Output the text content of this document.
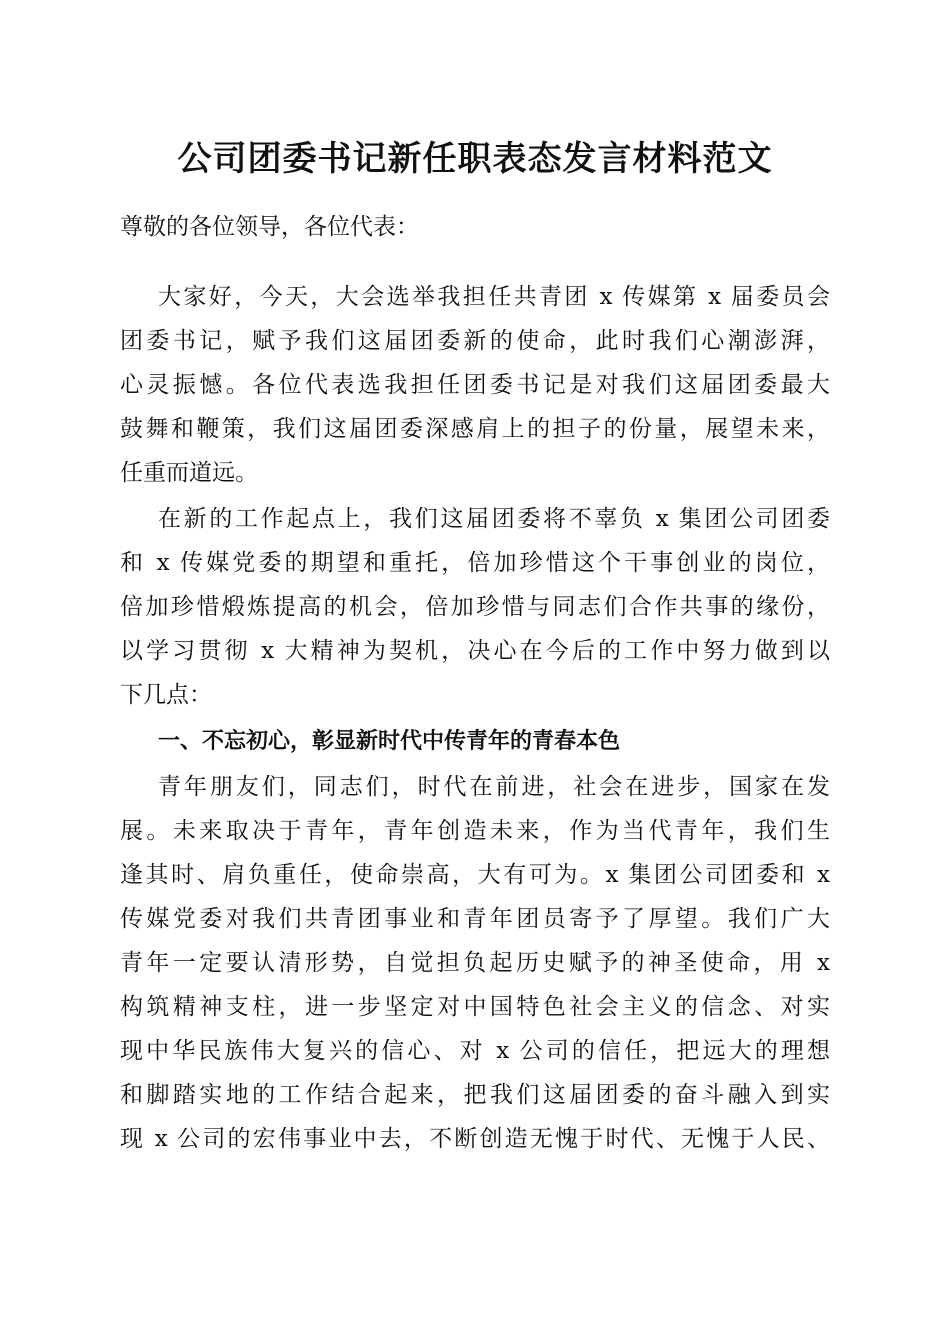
公司团委书记新任职表态发言材料范文

尊敬的各位领导，各位代表：

大家好，今天，大会选举我担任共青团 x 传媒第 x 届委员会

团委书记，赋予我们这届团委新的使命，此时我们心潮澎湃，

心灵振憾。各位代表选我担任团委书记是对我们这届团委最大

鼓舞和鞭策，我们这届团委深感肩上的担子的份量，展望未来，

任重而道远。

在新的工作起点上，我们这届团委将不辜负 x 集团公司团委

和 x 传媒党委的期望和重托，倍加珍惜这个干事创业的岗位，

倍加珍惜煅炼提高的机会，倍加珍惜与同志们合作共事的缘份，

以学习贯彻 x 大精神为契机，决心在今后的工作中努力做到以

下几点：

一、不忘初心，彰显新时代中传青年的青春本色

青年朋友们，同志们，时代在前进，社会在进步，国家在发

展。未来取决于青年，青年创造未来，作为当代青年，我们生

逢其时、肩负重任，使命崇高，大有可为。x 集团公司团委和 x

传媒党委对我们共青团事业和青年团员寄予了厚望。我们广大

青年一定要认清形势，自觉担负起历史赋予的神圣使命，用 x

构筑精神支柱，进一步坚定对中国特色社会主义的信念、对实

现中华民族伟大复兴的信心、对 x 公司的信任，把远大的理想

和脚踏实地的工作结合起来，把我们这届团委的奋斗融入到实

现 x 公司的宏伟事业中去，不断创造无愧于时代、无愧于人民、
